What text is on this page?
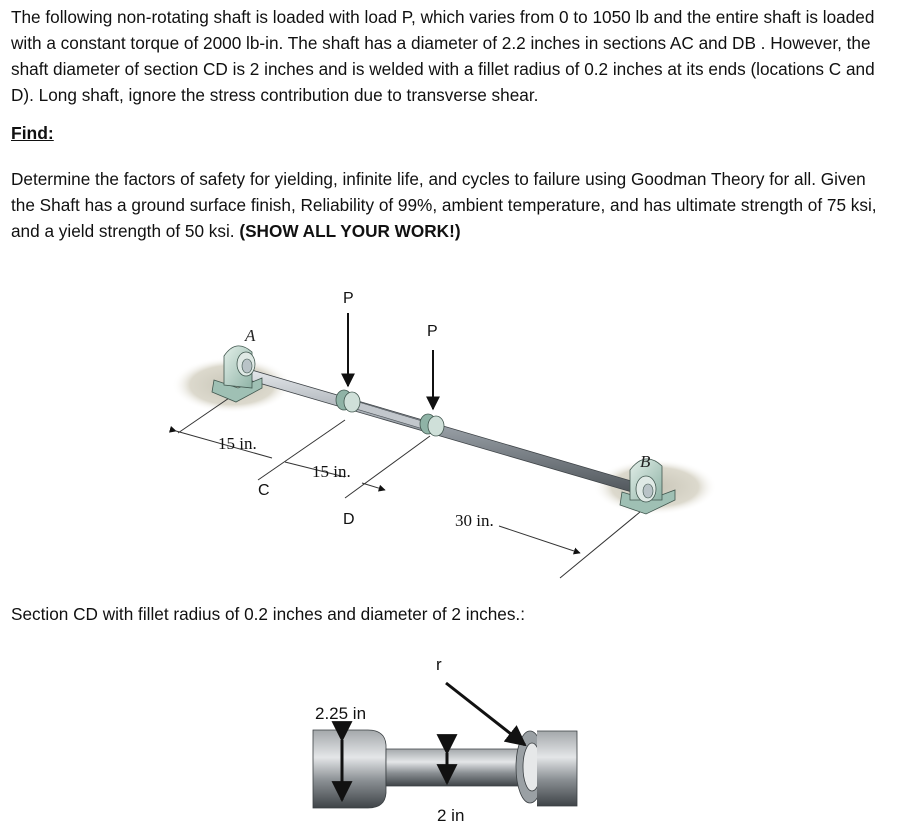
The following non-rotating shaft is loaded with load P, which varies from 0 to 1050 lb and the entire shaft is loaded with a constant torque of 2000 lb-in. The shaft has a diameter of 2.2 inches in sections AC and DB . However, the shaft diameter of section CD is 2 inches and is welded with a fillet radius of 0.2 inches at its ends (locations C and D). Long shaft, ignore the stress contribution due to transverse shear.
Find:
Determine the factors of safety for yielding, infinite life, and cycles to failure using Goodman Theory for all. Given the Shaft has a ground surface finish, Reliability of 99%, ambient temperature, and has ultimate strength of 75 ksi, and a yield strength of 50 ksi. (SHOW ALL YOUR WORK!)
P
P
A
B
C
D
15 in.
15 in.
30 in.
r
2.25 in
2 in
Section CD with fillet radius of 0.2 inches and diameter of 2 inches.:
